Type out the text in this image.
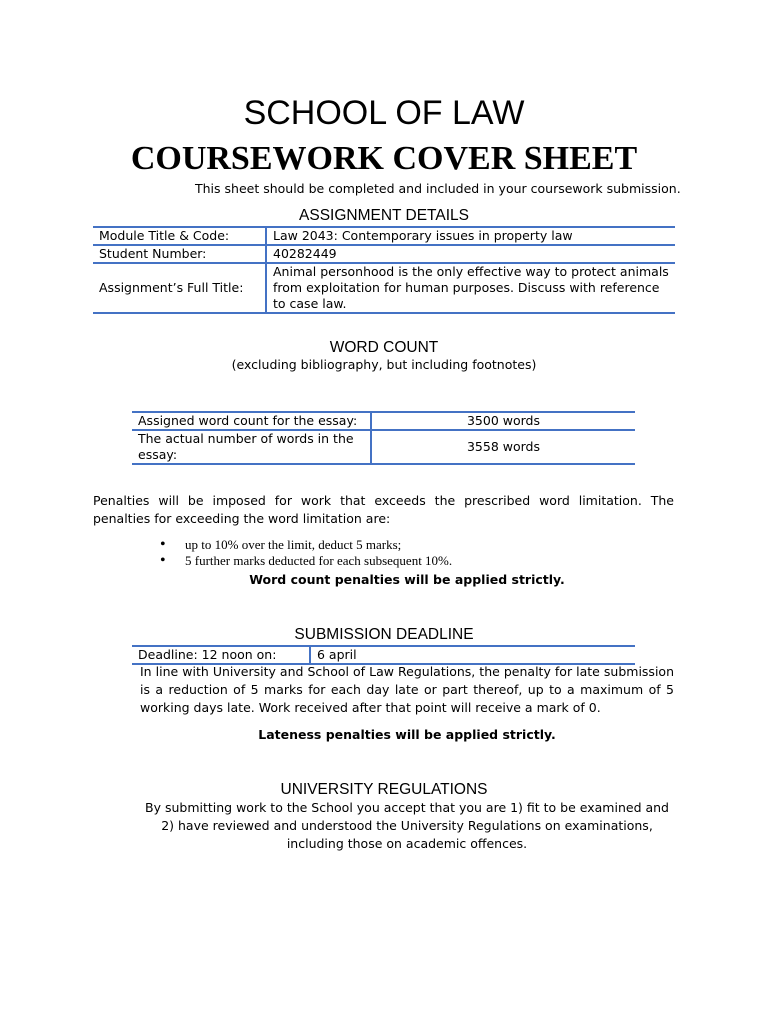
SCHOOL OF LAW
COURSEWORK COVER SHEET
This sheet should be completed and included in your coursework submission.
ASSIGNMENT DETAILS
Module Title & Code:	Law 2043: Contemporary issues in property law
Student Number:	40282449
Assignment’s Full Title:	Animal personhood is the only effective way to protect animals from exploitation for human purposes. Discuss with reference to case law.
WORD COUNT
(excluding bibliography, but including footnotes)
Assigned word count for the essay:	3500 words
The actual number of words in the essay:	3558 words
Penalties will be imposed for work that exceeds the prescribed word limitation. The penalties for exceeding the word limitation are:
• up to 10% over the limit, deduct 5 marks;
• 5 further marks deducted for each subsequent 10%.
Word count penalties will be applied strictly.
SUBMISSION DEADLINE
Deadline: 12 noon on:	6 april
In line with University and School of Law Regulations, the penalty for late submission is a reduction of 5 marks for each day late or part thereof, up to a maximum of 5 working days late. Work received after that point will receive a mark of 0.
Lateness penalties will be applied strictly.
UNIVERSITY REGULATIONS
By submitting work to the School you accept that you are 1) fit to be examined and 2) have reviewed and understood the University Regulations on examinations, including those on academic offences.
